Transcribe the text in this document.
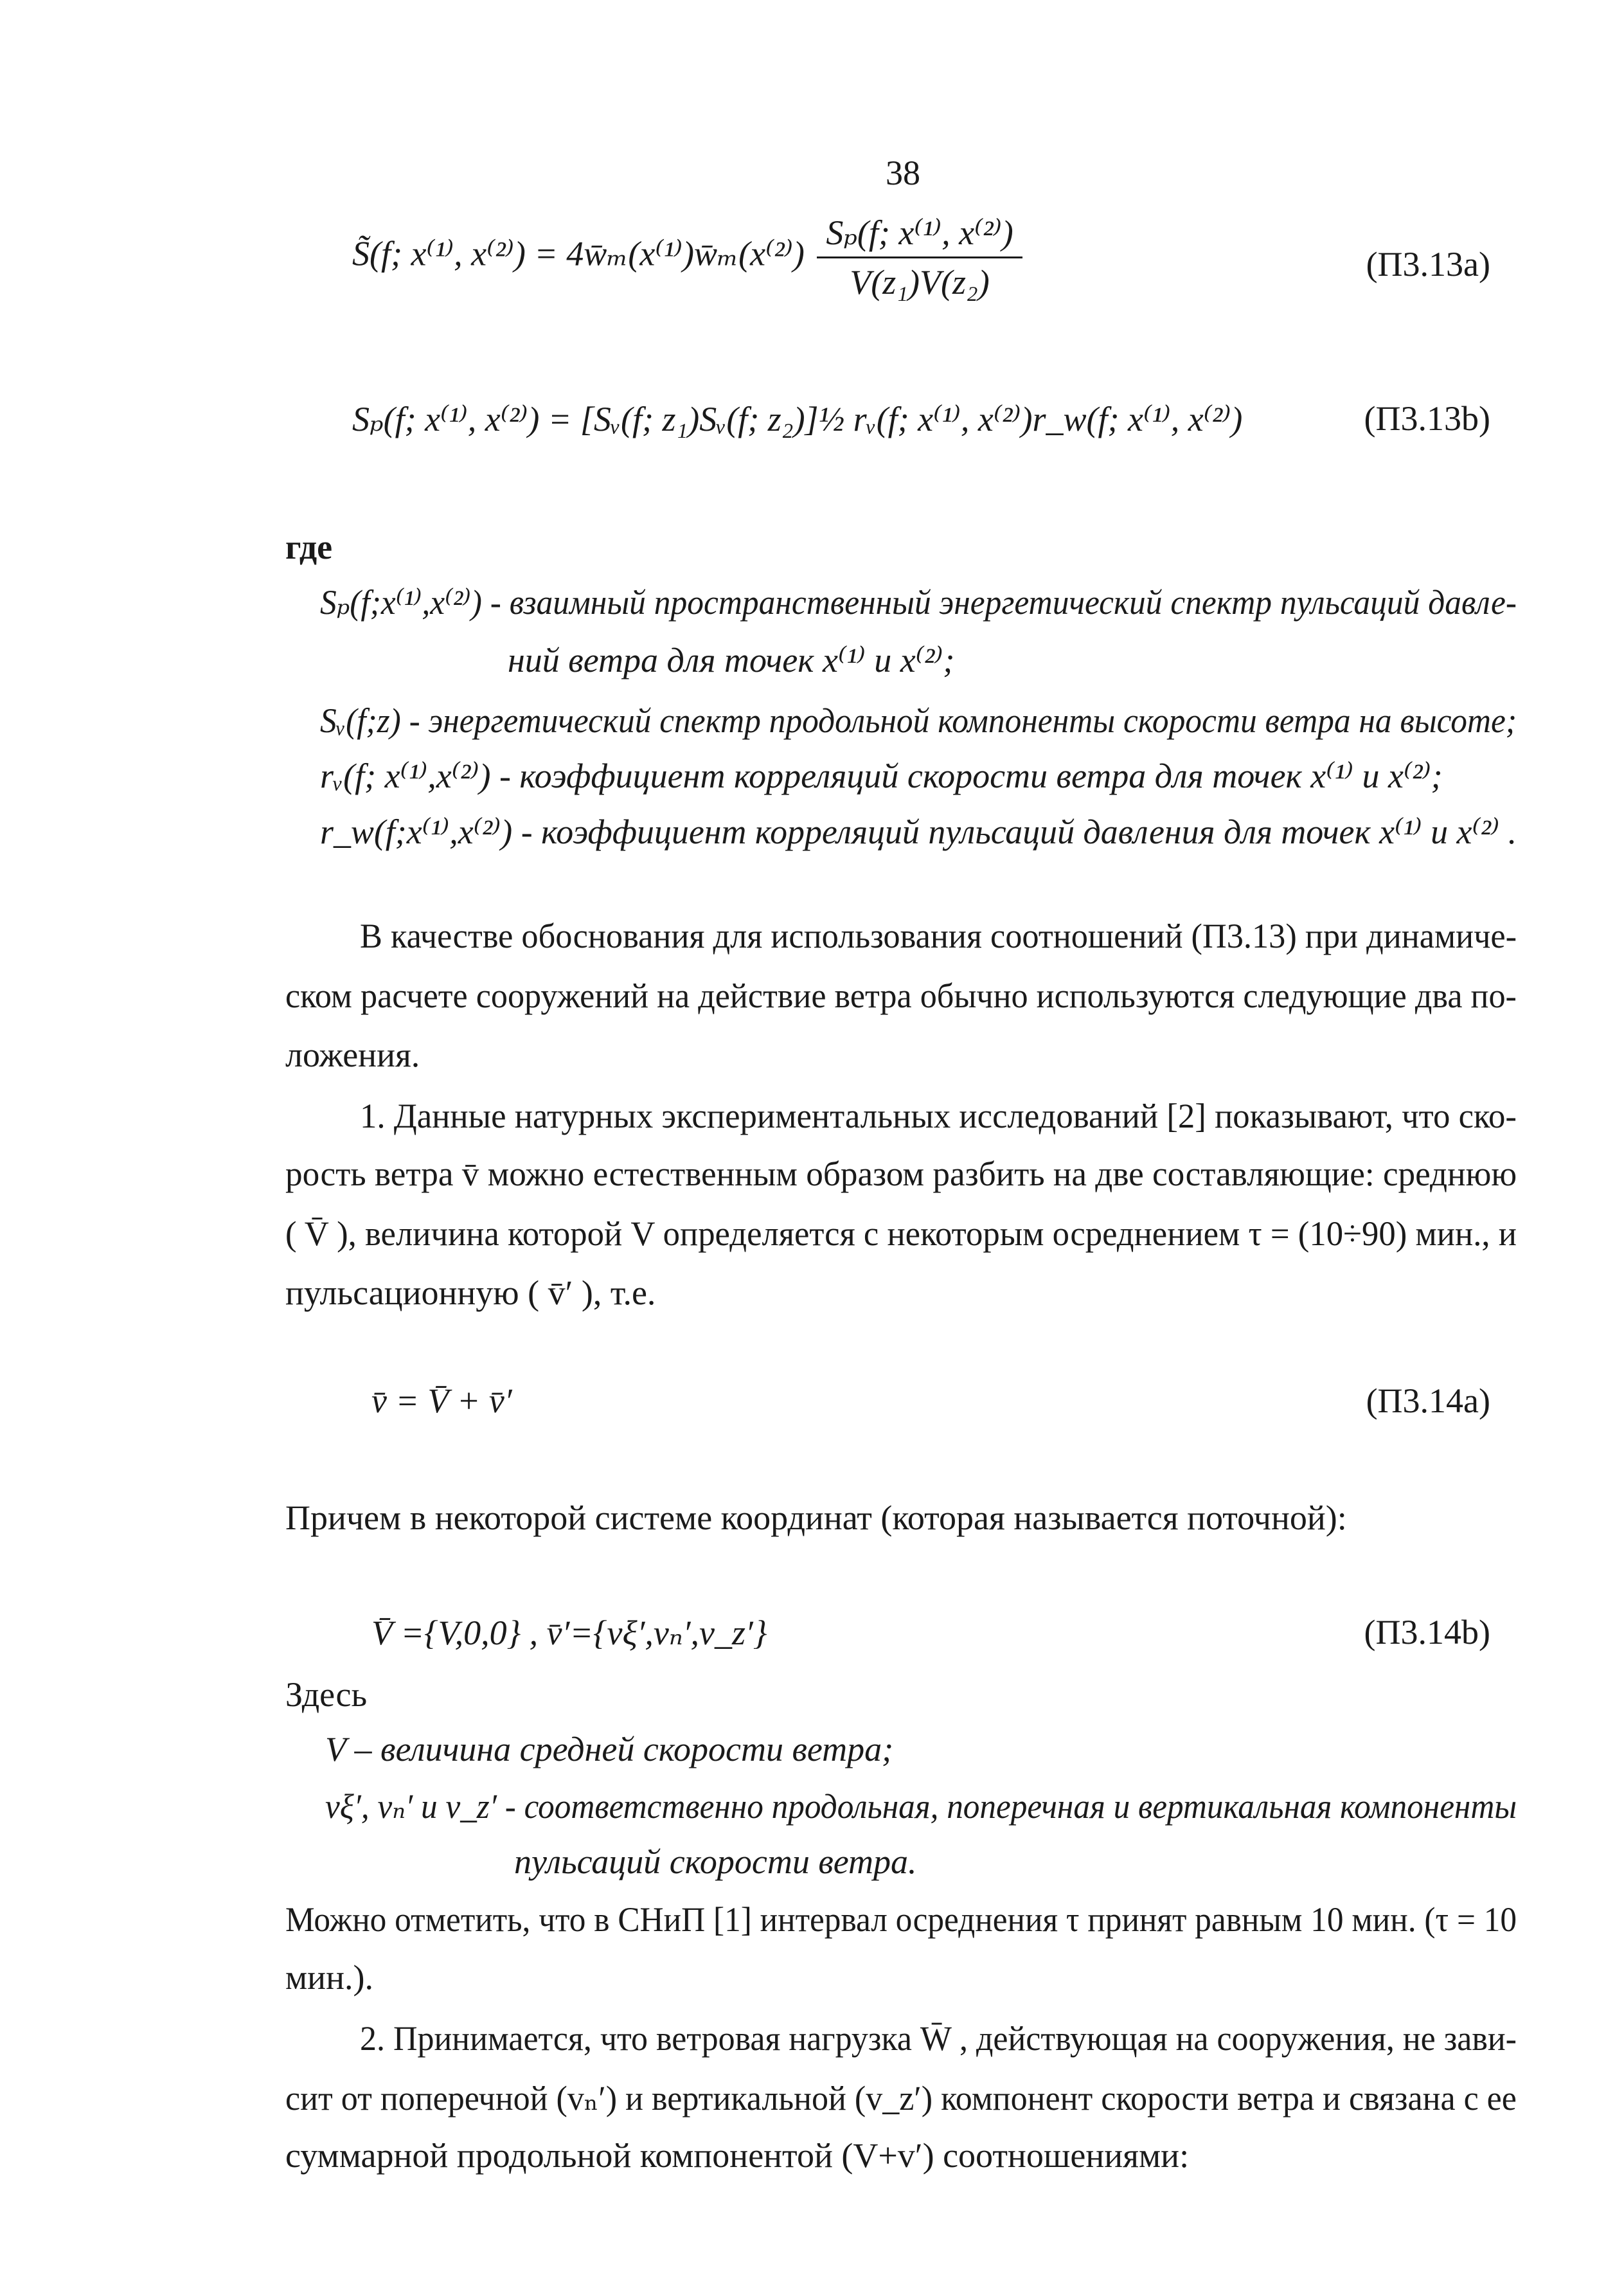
38
S̃(f; x⁽¹⁾, x⁽²⁾) = 4w̄ₘ(x⁽¹⁾)w̄ₘ(x⁽²⁾) $\frac{\text{Sₚ(f; x⁽¹⁾, x⁽²⁾)}}{\text{V(z₁)V(z₂)}}$	(П3.13a)
Sₚ(f; x⁽¹⁾, x⁽²⁾) = [Sᵥ(f; z₁)Sᵥ(f; z₂)]½ rᵥ(f; x⁽¹⁾, x⁽²⁾)r_w(f; x⁽¹⁾, x⁽²⁾)	(П3.13b)
где
Sₚ(f;x⁽¹⁾,x⁽²⁾) - взаимный пространственный энергетический спектр пульсаций давле-
ний ветра для точек x⁽¹⁾ и x⁽²⁾;
Sᵥ(f;z) - энергетический спектр продольной компоненты скорости ветра на высоте;
rᵥ(f; x⁽¹⁾,x⁽²⁾) - коэффициент корреляций скорости ветра для точек x⁽¹⁾ и x⁽²⁾;
r_w(f;x⁽¹⁾,x⁽²⁾) - коэффициент корреляций пульсаций давления для точек x⁽¹⁾ и x⁽²⁾ .
В качестве обоснования для использования соотношений (П3.13) при динамиче-
ском расчете сооружений на действие ветра обычно используются следующие два по-
ложения.
1. Данные натурных экспериментальных исследований [2] показывают, что ско-
рость ветра v̄ можно естественным образом разбить на две составляющие: среднюю
( V̄ ), величина которой V определяется с некоторым осреднением τ = (10÷90) мин., и
пульсационную ( v̄′ ), т.е.
v̄ = V̄ + v̄′	(П3.14a)
Причем в некоторой системе координат (которая называется поточной):
V̄ ={V,0,0} , v̄′={vξ′,vₙ′,v_z′}	(П3.14b)
Здесь
V – величина средней скорости ветра;
vξ′, vₙ′ и v_z′ - соответственно продольная, поперечная и вертикальная компоненты
пульсаций скорости ветра.
Можно отметить, что в СНиП [1] интервал осреднения τ принят равным 10 мин. (τ = 10
мин.).
2. Принимается, что ветровая нагрузка W̄ , действующая на сооружения, не зави-
сит от поперечной (vₙ′) и вертикальной (v_z′) компонент скорости ветра и связана с ее
суммарной продольной компонентой (V+v′) соотношениями:
